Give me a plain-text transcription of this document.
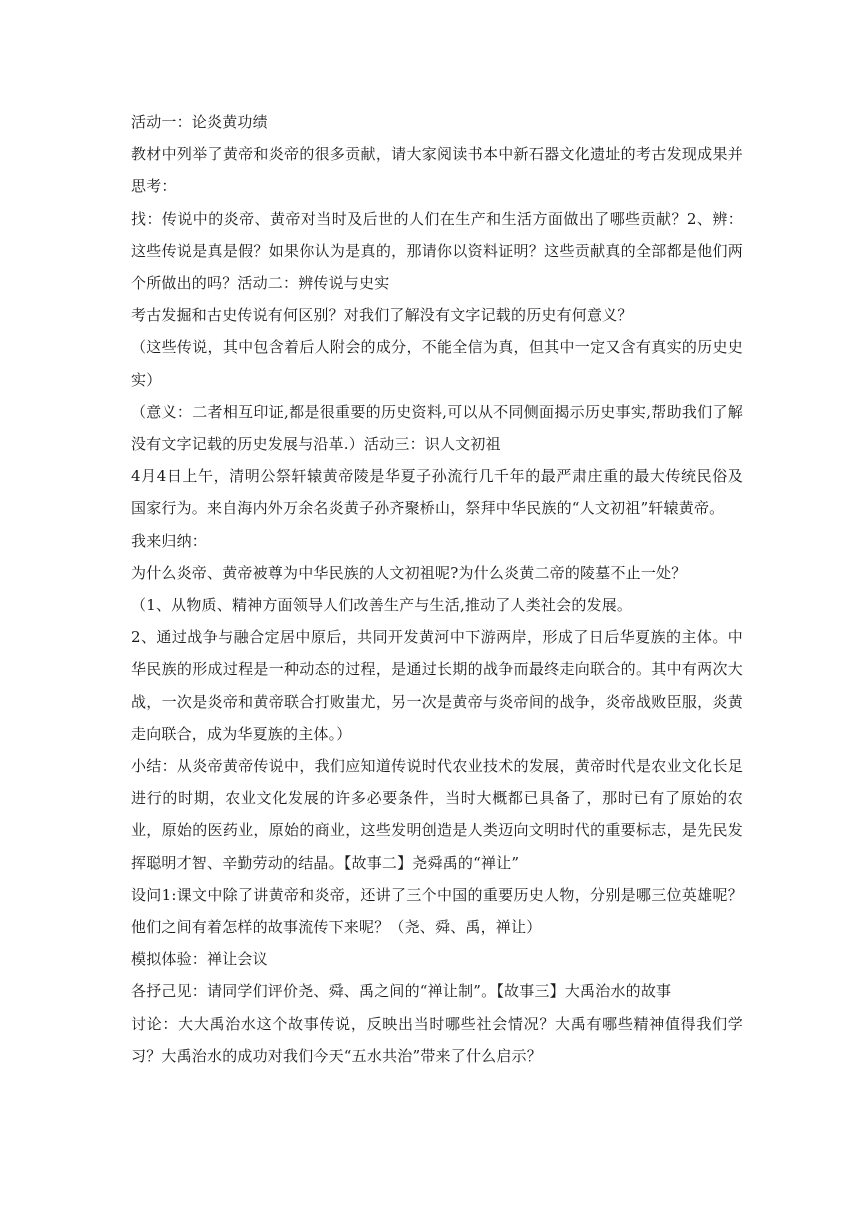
活动一：论炎黄功绩

教材中列举了黄帝和炎帝的很多贡献，请大家阅读书本中新石器文化遗址的考古发现成果并思考：

找：传说中的炎帝、黄帝对当时及后世的人们在生产和生活方面做出了哪些贡献？2、辨：这些传说是真是假？如果你认为是真的，那请你以资料证明？这些贡献真的全部都是他们两个所做出的吗？活动二：辨传说与史实

考古发掘和古史传说有何区别？对我们了解没有文字记载的历史有何意义？

（这些传说，其中包含着后人附会的成分，不能全信为真，但其中一定又含有真实的历史史实）

（意义：二者相互印证,都是很重要的历史资料,可以从不同侧面揭示历史事实,帮助我们了解没有文字记载的历史发展与沿革.）活动三：识人文初祖

4月4日上午，清明公祭轩辕黄帝陵是华夏子孙流行几千年的最严肃庄重的最大传统民俗及国家行为。来自海内外万余名炎黄子孙齐聚桥山，祭拜中华民族的“人文初祖”轩辕黄帝。

我来归纳：

为什么炎帝、黄帝被尊为中华民族的人文初祖呢?为什么炎黄二帝的陵墓不止一处？

（1、从物质、精神方面领导人们改善生产与生活,推动了人类社会的发展。

2、通过战争与融合定居中原后，共同开发黄河中下游两岸，形成了日后华夏族的主体。中华民族的形成过程是一种动态的过程，是通过长期的战争而最终走向联合的。其中有两次大战，一次是炎帝和黄帝联合打败蚩尤，另一次是黄帝与炎帝间的战争，炎帝战败臣服，炎黄走向联合，成为华夏族的主体。）

小结：从炎帝黄帝传说中，我们应知道传说时代农业技术的发展，黄帝时代是农业文化长足进行的时期，农业文化发展的许多必要条件，当时大概都已具备了，那时已有了原始的农业，原始的医药业，原始的商业，这些发明创造是人类迈向文明时代的重要标志，是先民发挥聪明才智、辛勤劳动的结晶。【故事二】尧舜禹的“禅让”

设问1:课文中除了讲黄帝和炎帝，还讲了三个中国的重要历史人物，分别是哪三位英雄呢？他们之间有着怎样的故事流传下来呢？（尧、舜、禹，禅让）

模拟体验：禅让会议

各抒己见：请同学们评价尧、舜、禹之间的“禅让制”。【故事三】大禹治水的故事

讨论：大大禹治水这个故事传说，反映出当时哪些社会情况？大禹有哪些精神值得我们学习？大禹治水的成功对我们今天“五水共治”带来了什么启示？
